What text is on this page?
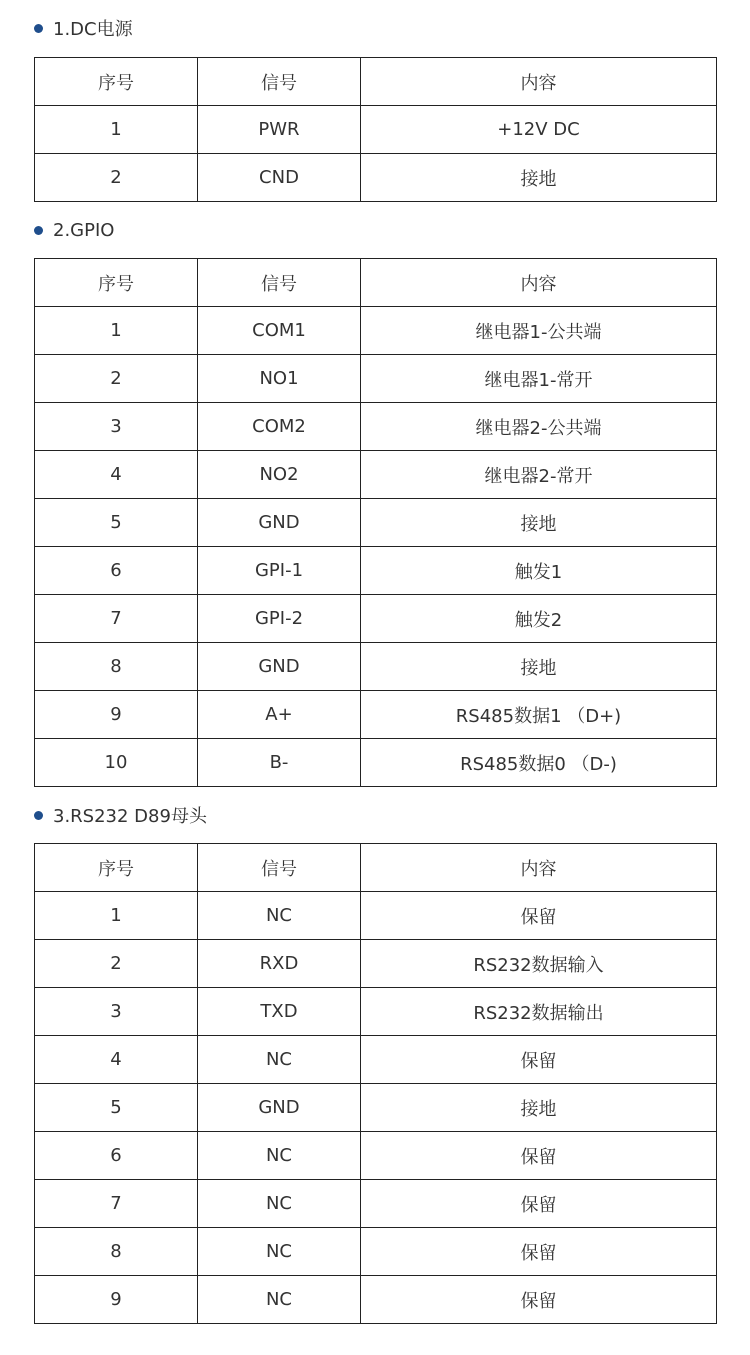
1.DC电源
序号	信号	内容
1	PWR	+12V DC
2	CND	接地
2.GPIO
序号	信号	内容
1	COM1	继电器1-公共端
2	NO1	继电器1-常开
3	COM2	继电器2-公共端
4	NO2	继电器2-常开
5	GND	接地
6	GPI-1	触发1
7	GPI-2	触发2
8	GND	接地
9	A+	RS485数据1 （D+)
10	B-	RS485数据0 （D-)
3.RS232 D89母头
序号	信号	内容
1	NC	保留
2	RXD	RS232数据输入
3	TXD	RS232数据输出
4	NC	保留
5	GND	接地
6	NC	保留
7	NC	保留
8	NC	保留
9	NC	保留
